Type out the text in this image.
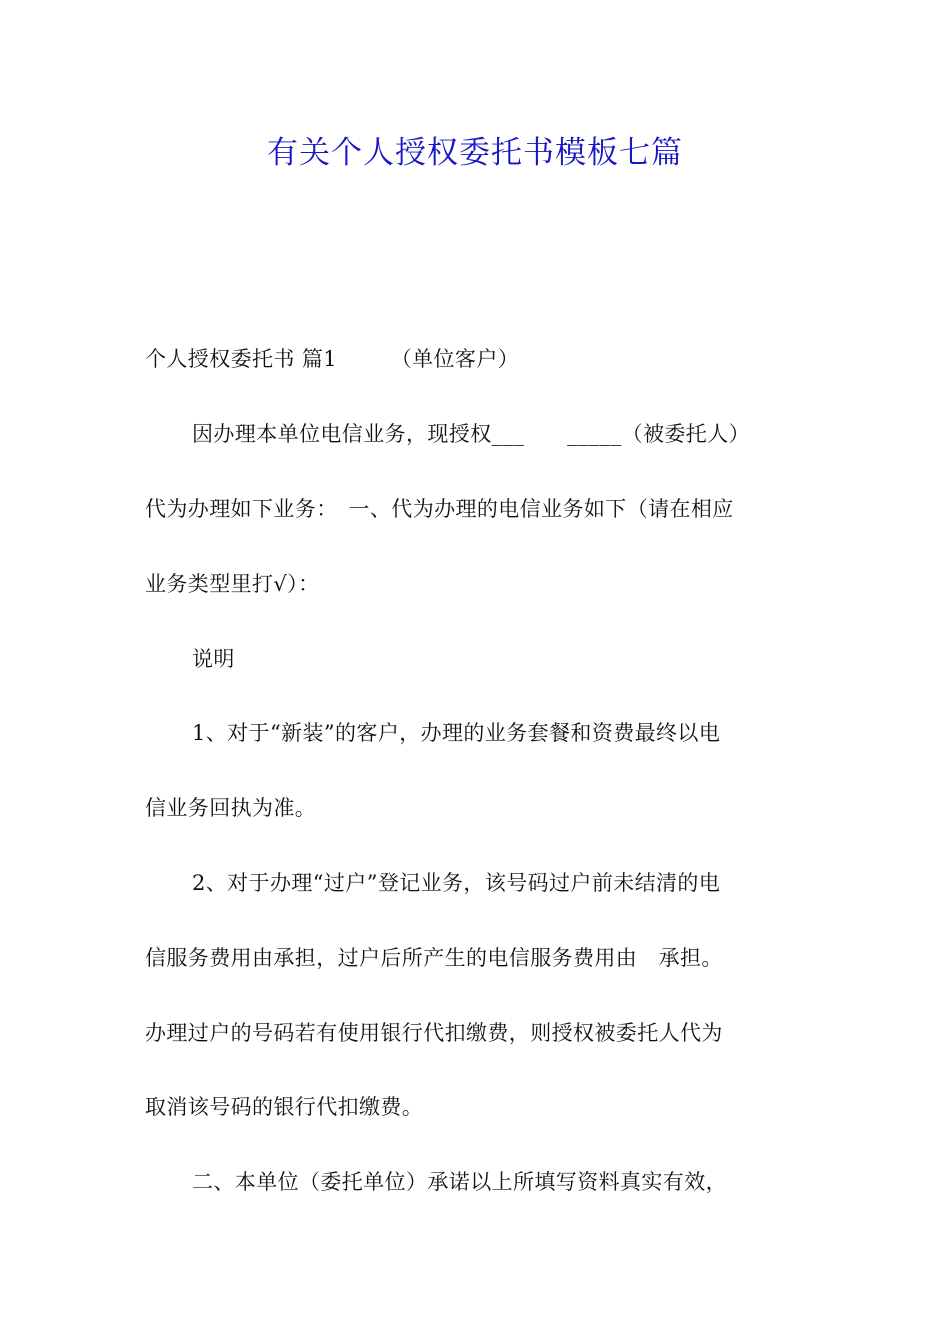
有关个人授权委托书模板七篇
个人授权委托书 篇1　　　（单位客户）
因办理本单位电信业务，现授权___　　_____（被委托人）
代为办理如下业务：　一、代为办理的电信业务如下（请在相应
业务类型里打√）：
说明
1、对于“新装”的客户，办理的业务套餐和资费最终以电
信业务回执为准。
2、对于办理“过户”登记业务，该号码过户前未结清的电
信服务费用由承担，过户后所产生的电信服务费用由　承担。
办理过户的号码若有使用银行代扣缴费，则授权被委托人代为
取消该号码的银行代扣缴费。
二、本单位（委托单位）承诺以上所填写资料真实有效，
